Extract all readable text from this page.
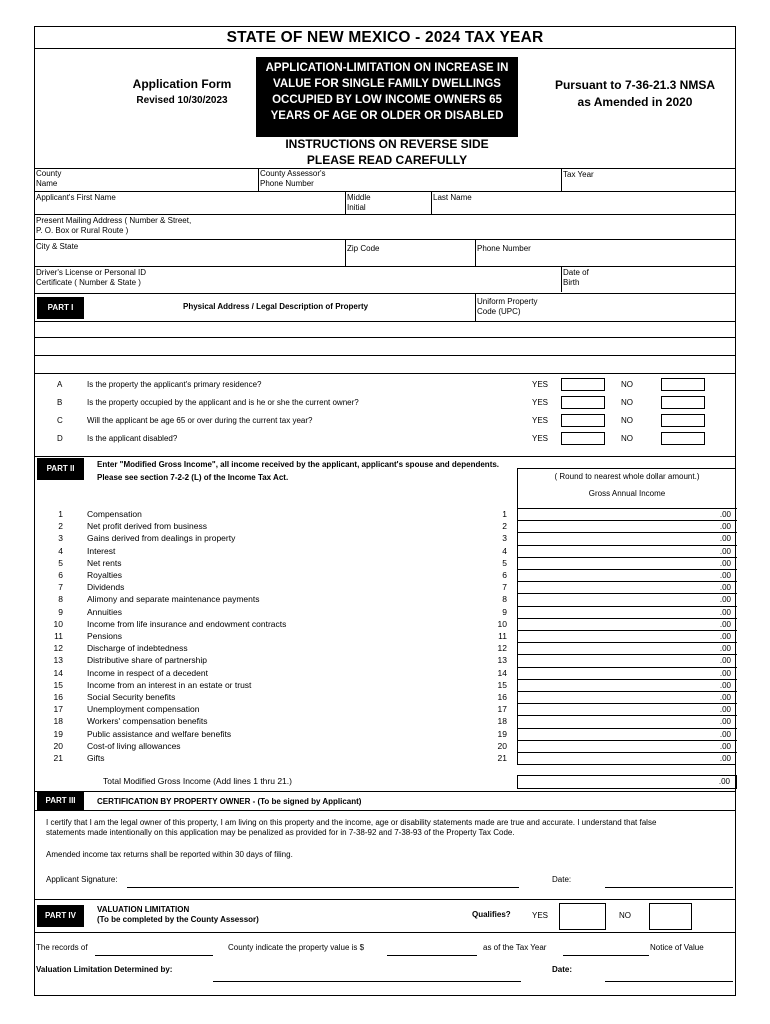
STATE OF NEW MEXICO - 2024 TAX YEAR
Application Form
Revised 10/30/2023
APPLICATION-LIMITATION ON INCREASE IN
VALUE FOR SINGLE FAMILY DWELLINGS
OCCUPIED BY LOW INCOME OWNERS 65
YEARS OF AGE OR OLDER OR DISABLED
Pursuant to 7-36-21.3 NMSA
as Amended in 2020
INSTRUCTIONS ON REVERSE SIDE
PLEASE READ CAREFULLY
County
Name
County Assessor's
Phone Number
Tax Year
Applicant's First Name	Middle
Initial
Last Name
Present Mailing Address ( Number & Street,
P. O. Box or Rural Route )
City & State	Zip Code	Phone Number
Driver's License or Personal ID
Certificate ( Number & State )
Date of
Birth
PART I	Physical Address / Legal Description of Property
Uniform Property
Code (UPC)
A	Is the property the applicant's primary residence?	YES	NO
B	Is the property occupied by the applicant and is he or she the current owner?	YES	NO
C	Will the applicant be age 65 or over during the current tax year?	YES	NO
D	Is the applicant disabled?	YES	NO
PART II	Enter "Modified Gross Income", all income received by the applicant, applicant's spouse and dependents.
Please see section 7-2-2 (L) of the Income Tax Act.	( Round to nearest whole dollar amount.)
Gross Annual Income
1	Compensation	1	.00
2	Net profit derived from business	2	.00
3	Gains derived from dealings in property	3	.00
4	Interest	4	.00
5	Net rents	5	.00
6	Royalties	6	.00
7	Dividends	7	.00
8	Alimony and separate maintenance payments	8	.00
9	Annuities	9	.00
10	Income from life insurance and endowment contracts	10	.00
11	Pensions	11	.00
12	Discharge of indebtedness	12	.00
13	Distributive share of partnership	13	.00
14	Income in respect of a decedent	14	.00
15	Income from an interest in an estate or trust	15	.00
16	Social Security benefits	16	.00
17	Unemployment compensation	17	.00
18	Workers' compensation benefits	18	.00
19	Public assistance and welfare benefits	19	.00
20	Cost-of living allowances	20	.00
21	Gifts	21	.00
Total Modified Gross Income (Add lines 1 thru 21.)	.00
PART III	CERTIFICATION BY PROPERTY OWNER - (To be signed by Applicant)
I certify that I am the legal owner of this property, I am living on this property and the income, age or disability statements made are true and accurate. I understand that false
statements made intentionally on this application may be penalized as provided for in 7-38-92 and 7-38-93 of the Property Tax Code.
Amended income tax returns shall be reported within 30 days of filing.
Applicant Signature:	Date:
PART IV
VALUATION LIMITATION
(To be completed by the County Assessor)
Qualifies?	YES	NO
The records of	County indicate the property value is $	as of the Tax Year	Notice of Value
Valuation Limitation Determined by:	Date:
